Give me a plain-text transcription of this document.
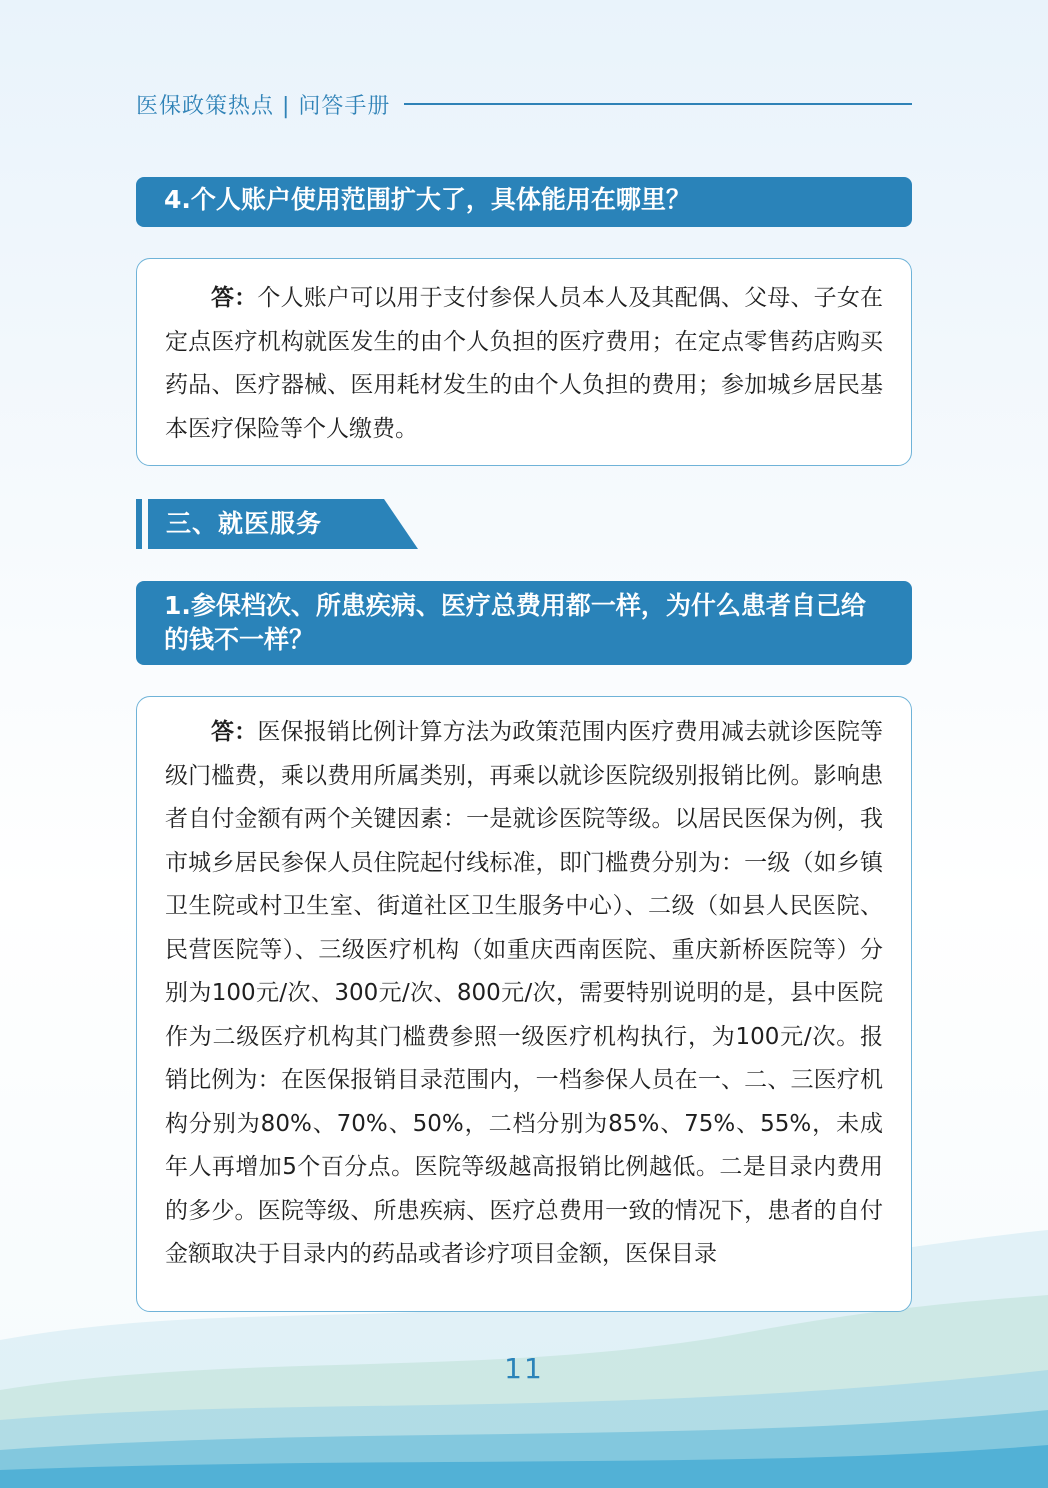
医保政策热点 | 问答手册
4.个人账户使用范围扩大了，具体能用在哪里？

答：个人账户可以用于支付参保人员本人及其配偶、父母、子女在定点医疗机构就医发生的由个人负担的医疗费用；在定点零售药店购买药品、医疗器械、医用耗材发生的由个人负担的费用；参加城乡居民基本医疗保险等个人缴费。

三、就医服务
1.参保档次、所患疾病、医疗总费用都一样，为什么患者自己给的钱不一样？

答：医保报销比例计算方法为政策范围内医疗费用减去就诊医院等级门槛费，乘以费用所属类别，再乘以就诊医院级别报销比例。影响患者自付金额有两个关键因素：一是就诊医院等级。以居民医保为例，我市城乡居民参保人员住院起付线标准，即门槛费分别为：一级（如乡镇卫生院或村卫生室、街道社区卫生服务中心）、二级（如县人民医院、民营医院等）、三级医疗机构（如重庆西南医院、重庆新桥医院等）分别为100元/次、300元/次、800元/次，需要特别说明的是，县中医院作为二级医疗机构其门槛费参照一级医疗机构执行，为100元/次。报销比例为：在医保报销目录范围内，一档参保人员在一、二、三医疗机构分别为80%、70%、50%，二档分别为85%、75%、55%，未成年人再增加5个百分点。医院等级越高报销比例越低。二是目录内费用的多少。医院等级、所患疾病、医疗总费用一致的情况下，患者的自付金额取决于目录内的药品或者诊疗项目金额，医保目录

11
